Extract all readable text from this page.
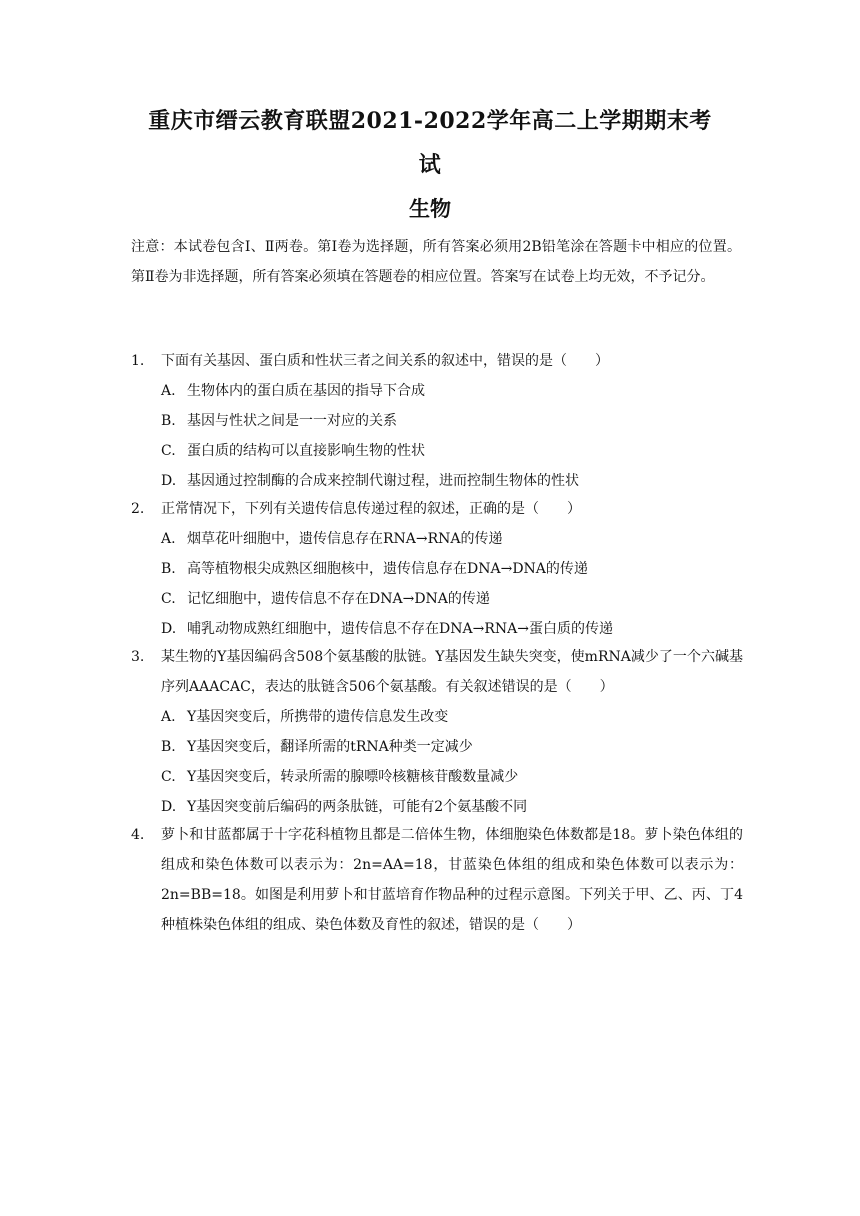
重庆市缙云教育联盟2021-2022学年高二上学期期末考
试
生物
注意：本试卷包含Ⅰ、Ⅱ两卷。第Ⅰ卷为选择题，所有答案必须用2B铅笔涂在答题卡中相应的位置。第Ⅱ卷为非选择题，所有答案必须填在答题卷的相应位置。答案写在试卷上均无效，不予记分。
1. 下面有关基因、蛋白质和性状三者之间关系的叙述中，错误的是（　　）
A. 生物体内的蛋白质在基因的指导下合成
B. 基因与性状之间是一一对应的关系
C. 蛋白质的结构可以直接影响生物的性状
D. 基因通过控制酶的合成来控制代谢过程，进而控制生物体的性状
2. 正常情况下，下列有关遗传信息传递过程的叙述，正确的是（　　）
A. 烟草花叶细胞中，遗传信息存在RNA→RNA的传递
B. 高等植物根尖成熟区细胞核中，遗传信息存在DNA→DNA的传递
C. 记忆细胞中，遗传信息不存在DNA→DNA的传递
D. 哺乳动物成熟红细胞中，遗传信息不存在DNA→RNA→蛋白质的传递
3. 某生物的Y基因编码含508个氨基酸的肽链。Y基因发生缺失突变，使mRNA减少了一个六碱基序列AAACAC，表达的肽链含506个氨基酸。有关叙述错误的是（　　）
A. Y基因突变后，所携带的遗传信息发生改变
B. Y基因突变后，翻译所需的tRNA种类一定减少
C. Y基因突变后，转录所需的腺嘌呤核糖核苷酸数量减少
D. Y基因突变前后编码的两条肽链，可能有2个氨基酸不同
4. 萝卜和甘蓝都属于十字花科植物且都是二倍体生物，体细胞染色体数都是18。萝卜染色体组的组成和染色体数可以表示为：2n=AA=18，甘蓝染色体组的组成和染色体数可以表示为：2n=BB=18。如图是利用萝卜和甘蓝培育作物品种的过程示意图。下列关于甲、乙、丙、丁4种植株染色体组的组成、染色体数及育性的叙述，错误的是（　　）
